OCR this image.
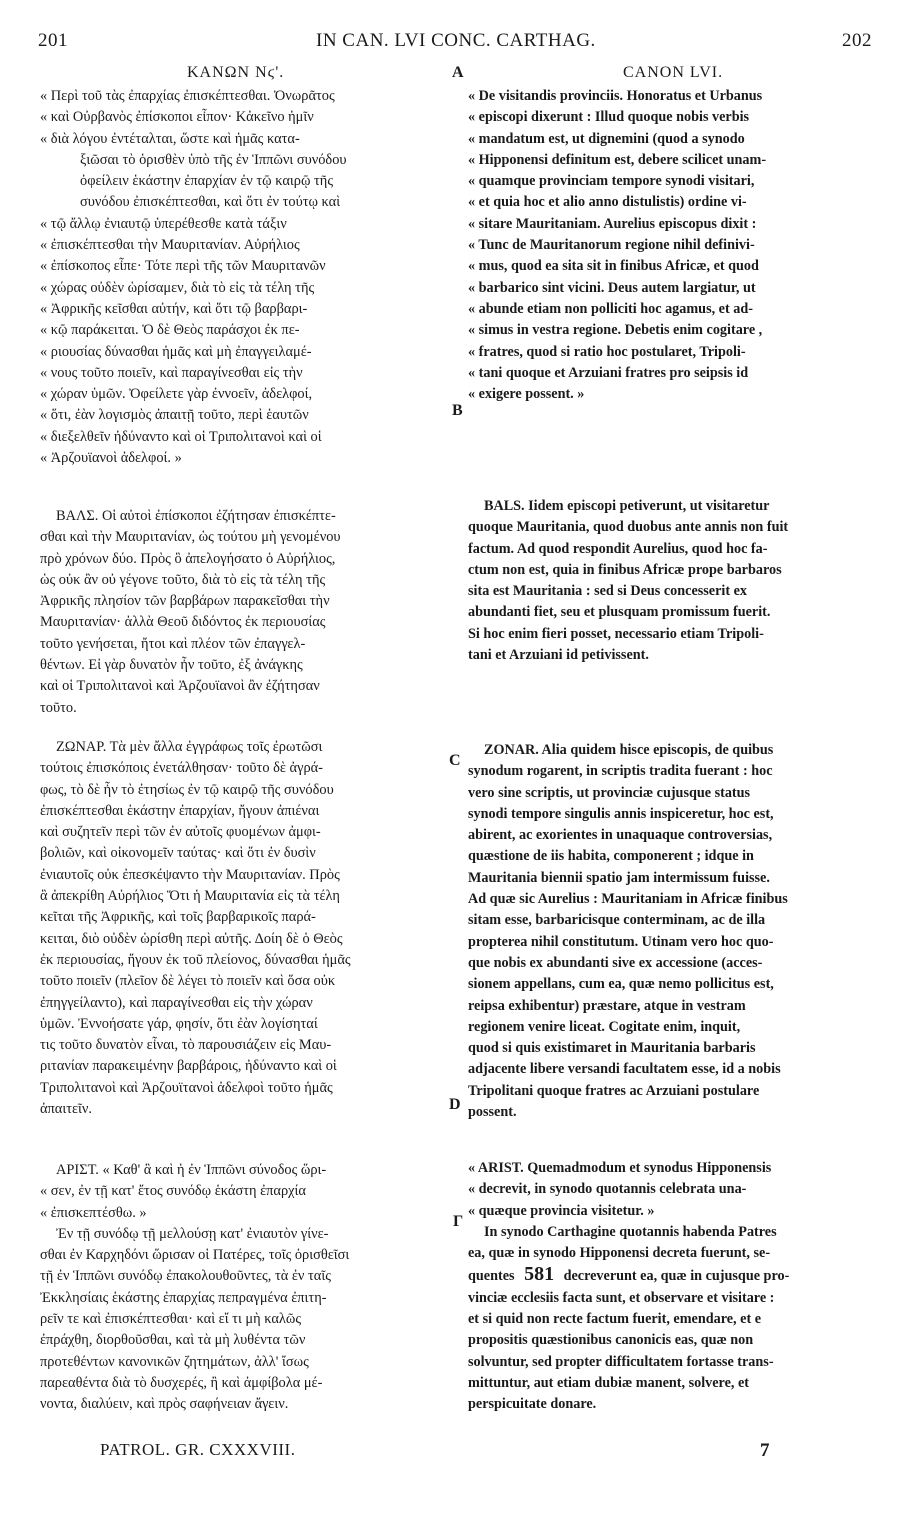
201	IN CAN. LVI CONC. CARTHAG.	202
A
B
C
D
Γ
ΚΑΝΩΝ Νϛ'.
« Περὶ τοῦ τὰς ἐπαρχίας ἐπισκέπτεσθαι. Ὀνωρᾶτος
« καὶ Οὐρβανὸς ἐπίσκοποι εἶπον· Κἀκεῖνο ἡμῖν
« διὰ λόγου ἐντέταλται, ὥστε καὶ ἡμᾶς κατα-
ξιῶσαι τὸ ὁρισθὲν ὑπὸ τῆς ἐν Ἱππῶνι συνόδου
ὀφείλειν ἑκάστην ἐπαρχίαν ἐν τῷ καιρῷ τῆς
συνόδου ἐπισκέπτεσθαι, καὶ ὅτι ἐν τούτῳ καὶ
« τῷ ἄλλῳ ἐνιαυτῷ ὑπερέθεσθε κατὰ τάξιν
« ἐπισκέπτεσθαι τὴν Μαυριτανίαν. Αὐρήλιος
« ἐπίσκοπος εἶπε· Τότε περὶ τῆς τῶν Μαυριτανῶν
« χώρας οὐδὲν ὡρίσαμεν, διὰ τὸ εἰς τὰ τέλη τῆς
« Ἀφρικῆς κεῖσθαι αὐτήν, καὶ ὅτι τῷ βαρβαρι-
« κῷ παράκειται. Ὁ δὲ Θεὸς παράσχοι ἐκ πε-
« ριουσίας δύνασθαι ἡμᾶς καὶ μὴ ἐπαγγειλαμέ-
« νους τοῦτο ποιεῖν, καὶ παραγίνεσθαι εἰς τὴν
« χώραν ὑμῶν. Ὀφείλετε γὰρ ἐννοεῖν, ἀδελφοί,
« ὅτι, ἐὰν λογισμὸς ἀπαιτῇ τοῦτο, περὶ ἑαυτῶν
« διεξελθεῖν ἠδύναντο καὶ οἱ Τριπολιτανοὶ καὶ οἱ
« Ἀρζουϊανοὶ ἀδελφοί. »
ΒΑΛΣ. Οἱ αὐτοὶ ἐπίσκοποι ἐζήτησαν ἐπισκέπτε-
σθαι καὶ τὴν Μαυριτανίαν, ὡς τούτου μὴ γενομένου
πρὸ χρόνων δύο. Πρὸς ὃ ἀπελογήσατο ὁ Αὐρήλιος,
ὡς οὐκ ἂν οὐ γέγονε τοῦτο, διὰ τὸ εἰς τὰ τέλη τῆς
Ἀφρικῆς πλησίον τῶν βαρβάρων παρακεῖσθαι τὴν
Μαυριτανίαν· ἀλλὰ Θεοῦ διδόντος ἐκ περιουσίας
τοῦτο γενήσεται, ἤτοι καὶ πλέον τῶν ἐπαγγελ-
θέντων. Εἰ γὰρ δυνατὸν ἦν τοῦτο, ἐξ ἀνάγκης
καὶ οἱ Τριπολιτανοὶ καὶ Ἀρζουϊανοὶ ἂν ἐζήτησαν
τοῦτο.
ΖΩΝΑΡ. Τὰ μὲν ἄλλα ἐγγράφως τοῖς ἐρωτῶσι
τούτοις ἐπισκόποις ἐνετάλθησαν· τοῦτο δὲ ἀγρά-
φως, τὸ δὲ ἦν τὸ ἐτησίως ἐν τῷ καιρῷ τῆς συνόδου
ἐπισκέπτεσθαι ἑκάστην ἐπαρχίαν, ἤγουν ἀπιέναι
καὶ συζητεῖν περὶ τῶν ἐν αὐτοῖς φυομένων ἀμφι-
βολιῶν, καὶ οἰκονομεῖν ταύτας· καὶ ὅτι ἐν δυσὶν
ἐνιαυτοῖς οὐκ ἐπεσκέψαντο τὴν Μαυριτανίαν. Πρὸς
ἃ ἀπεκρίθη Αὐρήλιος Ὅτι ἡ Μαυριτανία εἰς τὰ τέλη
κεῖται τῆς Ἀφρικῆς, καὶ τοῖς βαρβαρικοῖς παρά-
κειται, διὸ οὐδὲν ὡρίσθη περὶ αὐτῆς. Δοίη δὲ ὁ Θεὸς
ἐκ περιουσίας, ἤγουν ἐκ τοῦ πλείονος, δύνασθαι ἡμᾶς
τοῦτο ποιεῖν (πλεῖον δὲ λέγει τὸ ποιεῖν καὶ ὅσα οὐκ
ἐπηγγείλαντο), καὶ παραγίνεσθαι εἰς τὴν χώραν
ὑμῶν. Ἐννοήσατε γάρ, φησίν, ὅτι ἐὰν λογίσηταί
τις τοῦτο δυνατὸν εἶναι, τὸ παρουσιάζειν εἰς Μαυ-
ριτανίαν παρακειμένην βαρβάροις, ἠδύναντο καὶ οἱ
Τριπολιτανοὶ καὶ Ἀρζουϊτανοὶ ἀδελφοὶ τοῦτο ἡμᾶς
ἀπαιτεῖν.
ΑΡΙΣΤ. « Καθ' ἃ καὶ ἡ ἐν Ἱππῶνι σύνοδος ὥρι-
« σεν, ἐν τῇ κατ' ἔτος συνόδῳ ἑκάστη ἐπαρχία
« ἐπισκεπτέσθω. »
Ἐν τῇ συνόδῳ τῇ μελλούσῃ κατ' ἐνιαυτὸν γίνε-
σθαι ἐν Καρχηδόνι ὥρισαν οἱ Πατέρες, τοῖς ὁρισθεῖσι
τῇ ἐν Ἱππῶνι συνόδῳ ἐπακολουθοῦντες, τὰ ἐν ταῖς
Ἐκκλησίαις ἑκάστης ἐπαρχίας πεπραγμένα ἐπιτη-
ρεῖν τε καὶ ἐπισκέπτεσθαι· καὶ εἴ τι μὴ καλῶς
ἐπράχθη, διορθοῦσθαι, καὶ τὰ μὴ λυθέντα τῶν
προτεθέντων κανονικῶν ζητημάτων, ἀλλ' ἴσως
παρεαθέντα διὰ τὸ δυσχερές, ἢ καὶ ἀμφίβολα μέ-
νοντα, διαλύειν, καὶ πρὸς σαφήνειαν ἄγειν.
PATROL. GR. CXXXVIII.
CANON LVI.
« De visitandis provinciis. Honoratus et Urbanus
« episcopi dixerunt : Illud quoque nobis verbis
« mandatum est, ut dignemini (quod a synodo
« Hipponensi definitum est, debere scilicet unam-
« quamque provinciam tempore synodi visitari,
« et quia hoc et alio anno distulistis) ordine vi-
« sitare Mauritaniam. Aurelius episcopus dixit :
« Tunc de Mauritanorum regione nihil definivi-
« mus, quod ea sita sit in finibus Africæ, et quod
« barbarico sint vicini. Deus autem largiatur, ut
« abunde etiam non polliciti hoc agamus, et ad-
« simus in vestra regione. Debetis enim cogitare ,
« fratres, quod si ratio hoc postularet, Tripoli-
« tani quoque et Arzuiani fratres pro seipsis id
« exigere possent. »
BALS. Iidem episcopi petiverunt, ut visitaretur
quoque Mauritania, quod duobus ante annis non fuit
factum. Ad quod respondit Aurelius, quod hoc fa-
ctum non est, quia in finibus Africæ prope barbaros
sita est Mauritania : sed si Deus concesserit ex
abundanti fiet, seu et plusquam promissum fuerit.
Si hoc enim fieri posset, necessario etiam Tripoli-
tani et Arzuiani id petivissent.
ZONAR. Alia quidem hisce episcopis, de quibus
synodum rogarent, in scriptis tradita fuerant : hoc
vero sine scriptis, ut provinciæ cujusque status
synodi tempore singulis annis inspiceretur, hoc est,
abirent, ac exorientes in unaquaque controversias,
quæstione de iis habita, componerent ; idque in
Mauritania biennii spatio jam intermissum fuisse.
Ad quæ sic Aurelius : Mauritaniam in Africæ finibus
sitam esse, barbaricisque conterminam, ac de illa
propterea nihil constitutum. Utinam vero hoc quo-
que nobis ex abundanti sive ex accessione (acces-
sionem appellans, cum ea, quæ nemo pollicitus est,
reipsa exhibentur) præstare, atque in vestram
regionem venire liceat. Cogitate enim, inquit,
quod si quis existimaret in Mauritania barbaris
adjacente libere versandi facultatem esse, id a nobis
Tripolitani quoque fratres ac Arzuiani postulare
possent.
« ARIST. Quemadmodum et synodus Hipponensis
« decrevit, in synodo quotannis celebrata una-
« quæque provincia visitetur. »
In synodo Carthagine quotannis habenda Patres
ea, quæ in synodo Hipponensi decreta fuerunt, se-
quentes 581 decreverunt ea, quæ in cujusque pro-
vinciæ ecclesiis facta sunt, et observare et visitare :
et si quid non recte factum fuerit, emendare, et e
propositis quæstionibus canonicis eas, quæ non
solvuntur, sed propter difficultatem fortasse trans-
mittuntur, aut etiam dubiæ manent, solvere, et
perspicuitate donare.
7
